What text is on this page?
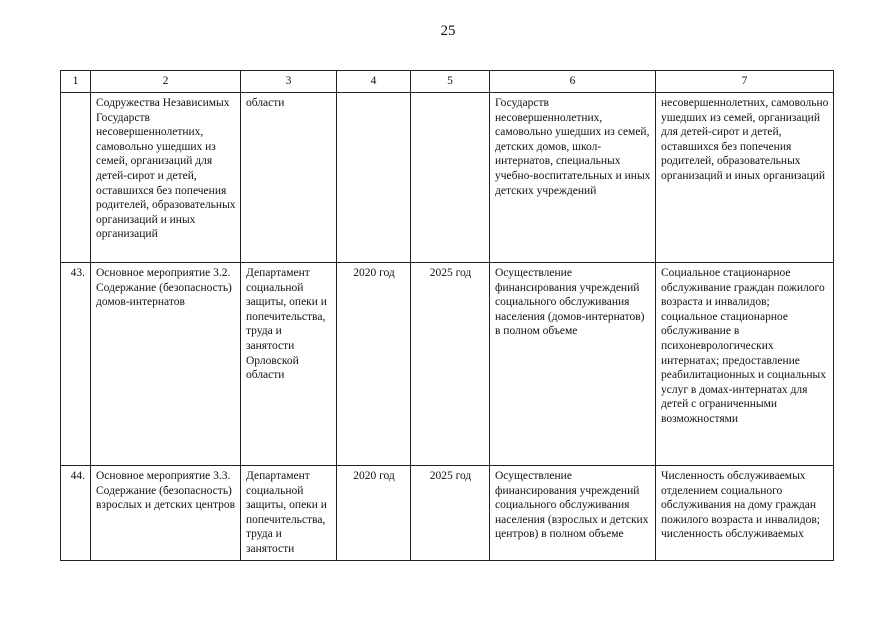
25
1	2	3	4	5	6	7
	Содружества Независимых Государств несовершеннолетних, самовольно ушедших из семей, организаций для детей-сирот и детей, оставшихся без попечения родителей, образовательных организаций и иных организаций	области			Государств несовершеннолетних, самовольно ушедших из семей, детских домов, школ-интернатов, специальных учебно-воспитательных и иных детских учреждений	несовершеннолетних, самовольно ушедших из семей, организаций для детей-сирот и детей, оставшихся без попечения родителей, образовательных организаций и иных организаций
43.	Основное мероприятие 3.2. Содержание (безопасность) домов-интернатов	Департамент социальной защиты, опеки и попечительства, труда и занятости Орловской области	2020 год	2025 год	Осуществление финансирования учреждений социального обслуживания населения (домов-интернатов) в полном объеме	Социальное стационарное обслуживание граждан пожилого возраста и инвалидов; социальное стационарное обслуживание в психоневрологических интернатах; предоставление реабилитационных и социальных услуг в домах-интернатах для детей с ограниченными возможностями
44.	Основное мероприятие 3.3. Содержание (безопасность) взрослых и детских центров	Департамент социальной защиты, опеки и попечительства, труда и занятости	2020 год	2025 год	Осуществление финансирования учреждений социального обслуживания населения (взрослых и детских центров) в полном объеме	Численность обслуживаемых отделением социального обслуживания на дому граждан пожилого возраста и инвалидов; численность обслуживаемых
